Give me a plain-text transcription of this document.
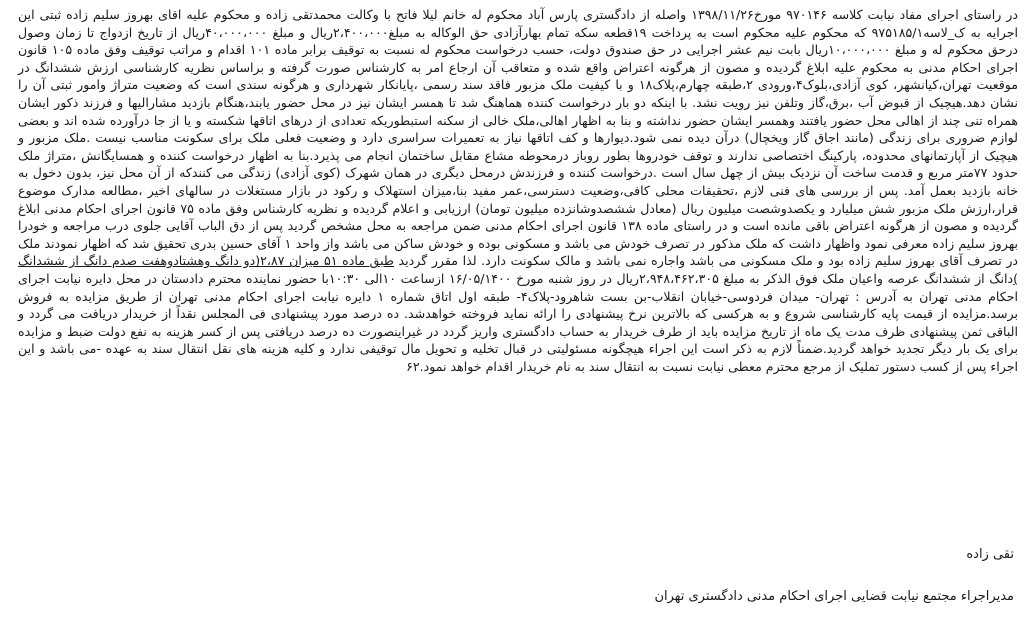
در راستای اجرای مفاد نیابت کلاسه ۹۷۰۱۴۶ مورخ۱۳۹۸/۱۱/۲۶ واصله از دادگستری پارس آباد محکوم له خانم لیلا فاتح با وکالت محمدتقی زاده و محکوم علیه اقای بهروز سلیم زاده ثبتی این اجرایه به ک_لاسه۹۷۵۱۸۵/۱ که محکوم علیه محکوم است به پرداخت ۱۹قطعه سکه تمام بهارآزادی حق الوکاله به مبلغ۲،۴۰۰،۰۰۰ریال و مبلغ ۴۰،۰۰۰،۰۰۰ریال از تاریخ ازدواج تا زمان وصول درحق محکوم له و مبلغ ۱۰،۰۰۰،۰۰۰ریال بابت نیم عشر اجرایی در حق صندوق دولت، حسب درخواست محکوم له نسبت به توقیف برابر ماده ۱۰۱ اقدام و مراتب توقیف وفق ماده ۱۰۵ قانون اجرای احکام مدنی به محکوم علیه ابلاغ گردیده و مصون از هرگونه اعتراض واقع شده و متعاقب آن ارجاع امر به کارشناس صورت گرفته و براساس نظریه کارشناسی ارزش ششدانگ در موقعیت تهران،کیانشهر، کوی آزادی،بلوک۴،ورودی ۲،طبقه چهارم،پلاک۱۸ و با کیفیت ملک مزبور فاقد سند رسمی ،پایانکار شهرداری و هرگونه سندی است که وضعیت متراژ وامور ثبتی آن را نشان دهد.هیچیک از قبوض آب ،برق،گاز وتلفن نیز رویت نشد. با اینکه دو بار درخواست کننده هماهنگ شد تا همسر ایشان نیز در محل حضور یابند،هنگام بازدید مشارالیها و فرزند ذکور ایشان همراه تنی چند از اهالی محل حضور یافتند وهمسر ایشان حضور نداشته و بنا به اظهار اهالی،ملک خالی از سکنه استبطوریکه تعدادی از درهای اتاقها شکسته و یا از جا درآورده شده اند و بعضی لوازم ضروری برای زندگی (مانند اجاق گاز ویخچال) درآن دیده نمی شود.دیوارها و کف اتاقها نیاز به تعمیرات سراسری دارد و وضعیت فعلی ملک برای سکونت مناسب نیست .ملک مزبور و هیچیک از آپارتمانهای محدوده، پارکینگ اختصاصی ندارند و توقف خودروها بطور روباز درمحوطه مشاع مقابل ساختمان انجام می پذیرد.بنا به اظهار درخواست کننده و همسایگانش ،متراژ ملک حدود ۷۷متر مربع و قدمت ساخت آن نزدیک بیش از چهل سال است .درخواست کننده و فرزندش درمحل دیگری در همان شهرک (کوی آزادی) زندگی می کنندکه از آن محل نیز، بدون دخول به خانه بازدید بعمل آمد. پس از بررسی های فنی لازم ،تحقیقات محلی کافی،وضعیت دسترسی،عمر مفید بنا،میزان استهلاک و رکود در بازار مستغلات در سالهای اخیر ،مطالعه مدارک موضوع قرار،ارزش ملک مزبور شش میلیارد و یکصدوشصت میلیون ریال (معادل ششصدوشانزده میلیون تومان) ارزیابی و اعلام گردیده و نظریه کارشناس وفق ماده ۷۵ قانون اجرای احکام مدنی ابلاغ گردیده و مصون از هرگونه اعتراض باقی مانده است و در راستای ماده ۱۳۸ قانون اجرای احکام مدنی ضمن مراجعه به محل مشخص گردید پس از دق الباب آقایی جلوی درب مراجعه و خودرا بهروز سلیم زاده معرفی نمود واظهار داشت که ملک مذکور در تصرف خودش می باشد و مسکونی بوده و خودش ساکن می باشد واز واحد ۱ آقای حسین بدری تحقیق شد که اظهار نمودند ملک در تصرف آقای بهروز سلیم زاده بود و ملک مسکونی می باشد واجاره نمی باشد و مالک سکونت دارد. لذا مقرر گردید طبق ماده ۵۱ میزان ۲،۸۷(دو دانگ وهشتادوهفت صدم دانگ از ششدانگ )دانگ از ششدانگ عرصه واعیان ملک فوق الذکر به مبلغ ۲،۹۴۸،۴۶۲،۳۰۵ریال در روز شنبه مورخ ۱۶/۰۵/۱۴۰۰ ازساعت ۱۰الی ۱۰:۳۰با حضور نماینده محترم دادستان در محل دایره نیابت اجرای احکام مدنی تهران به آدرس : تهران- میدان فردوسی-خیابان انقلاب-بن بست شاهرود-پلاک۴- طبقه اول اتاق شماره ۱ دایره نیابت اجرای احکام مدنی تهران از طریق مزایده به فروش برسد.مزایده از قیمت پایه کارشناسی شروع و به هرکسی که بالاترین نرخ پیشنهادی را ارائه نماید فروخته خواهدشد. ده درصد مورد پیشنهادی فی المجلس نقداً از خریدار دریافت می گردد و الباقی ثمن پیشنهادی ظرف مدت یک ماه از تاریخ مزایده باید از طرف خریدار به حساب دادگستری واریز گردد در غیراینصورت ده درصد دریافتی پس از کسر هزینه به نفع دولت ضبط و مزایده برای یک بار دیگر تجدید خواهد گردید.ضمناً لازم به ذکر است این اجراء هیچگونه مسئولیتی در قبال تخلیه و تحویل مال توقیفی ندارد و کلیه هزینه های نقل انتقال سند به عهده -می باشد و این اجراء پس از کسب دستور تملیک از مرجع محترم معطی نیابت نسبت به انتقال سند به نام خریدار اقدام خواهد نمود.۶۲

تقی زاده
مدیراجراء مجتمع نیابت قضایی اجرای احکام مدنی دادگستری تهران
